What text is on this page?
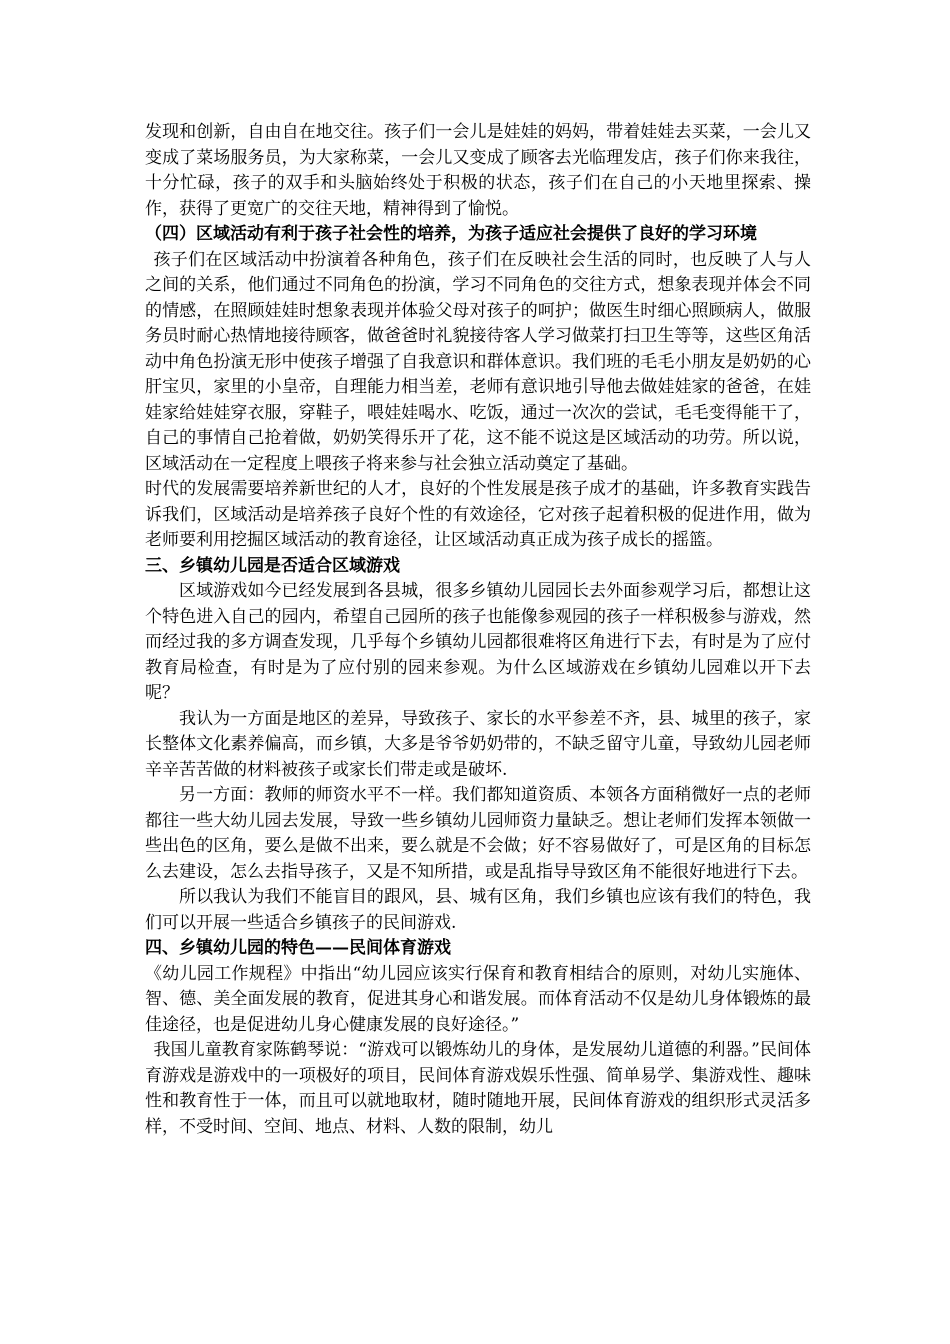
发现和创新，自由自在地交往。孩子们一会儿是娃娃的妈妈，带着娃娃去买菜，一会儿又变成了菜场服务员，为大家称菜，一会儿又变成了顾客去光临理发店，孩子们你来我往，十分忙碌，孩子的双手和头脑始终处于积极的状态，孩子们在自己的小天地里探索、操作，获得了更宽广的交往天地，精神得到了愉悦。

（四）区域活动有利于孩子社会性的培养，为孩子适应社会提供了良好的学习环境

孩子们在区域活动中扮演着各种角色，孩子们在反映社会生活的同时，也反映了人与人之间的关系，他们通过不同角色的扮演，学习不同角色的交往方式，想象表现并体会不同的情感，在照顾娃娃时想象表现并体验父母对孩子的呵护；做医生时细心照顾病人，做服务员时耐心热情地接待顾客，做爸爸时礼貌接待客人学习做菜打扫卫生等等，这些区角活动中角色扮演无形中使孩子增强了自我意识和群体意识。我们班的毛毛小朋友是奶奶的心肝宝贝，家里的小皇帝，自理能力相当差，老师有意识地引导他去做娃娃家的爸爸，在娃娃家给娃娃穿衣服，穿鞋子，喂娃娃喝水、吃饭，通过一次次的尝试，毛毛变得能干了，自己的事情自己抢着做，奶奶笑得乐开了花，这不能不说这是区域活动的功劳。所以说，区域活动在一定程度上喂孩子将来参与社会独立活动奠定了基础。

时代的发展需要培养新世纪的人才，良好的个性发展是孩子成才的基础，许多教育实践告诉我们，区域活动是培养孩子良好个性的有效途径，它对孩子起着积极的促进作用，做为老师要利用挖掘区域活动的教育途径，让区域活动真正成为孩子成长的摇篮。

三、乡镇幼儿园是否适合区域游戏

区域游戏如今已经发展到各县城，很多乡镇幼儿园园长去外面参观学习后，都想让这个特色进入自己的园内，希望自己园所的孩子也能像参观园的孩子一样积极参与游戏，然而经过我的多方调查发现，几乎每个乡镇幼儿园都很难将区角进行下去，有时是为了应付教育局检查，有时是为了应付别的园来参观。为什么区域游戏在乡镇幼儿园难以开下去呢？

我认为一方面是地区的差异，导致孩子、家长的水平参差不齐，县、城里的孩子，家长整体文化素养偏高，而乡镇，大多是爷爷奶奶带的，不缺乏留守儿童，导致幼儿园老师辛辛苦苦做的材料被孩子或家长们带走或是破坏.

另一方面：教师的师资水平不一样。我们都知道资质、本领各方面稍微好一点的老师都往一些大幼儿园去发展，导致一些乡镇幼儿园师资力量缺乏。想让老师们发挥本领做一些出色的区角，要么是做不出来，要么就是不会做；好不容易做好了，可是区角的目标怎么去建设，怎么去指导孩子，又是不知所措，或是乱指导导致区角不能很好地进行下去。

所以我认为我们不能盲目的跟风，县、城有区角，我们乡镇也应该有我们的特色，我们可以开展一些适合乡镇孩子的民间游戏.

四、乡镇幼儿园的特色——民间体育游戏

《幼儿园工作规程》中指出“幼儿园应该实行保育和教育相结合的原则，对幼儿实施体、智、德、美全面发展的教育，促进其身心和谐发展。而体育活动不仅是幼儿身体锻炼的最佳途径，也是促进幼儿身心健康发展的良好途径。”

我国儿童教育家陈鹤琴说：“游戏可以锻炼幼儿的身体，是发展幼儿道德的利器。”民间体育游戏是游戏中的一项极好的项目，民间体育游戏娱乐性强、简单易学、集游戏性、趣味性和教育性于一体，而且可以就地取材，随时随地开展，民间体育游戏的组织形式灵活多样，不受时间、空间、地点、材料、人数的限制，幼儿
